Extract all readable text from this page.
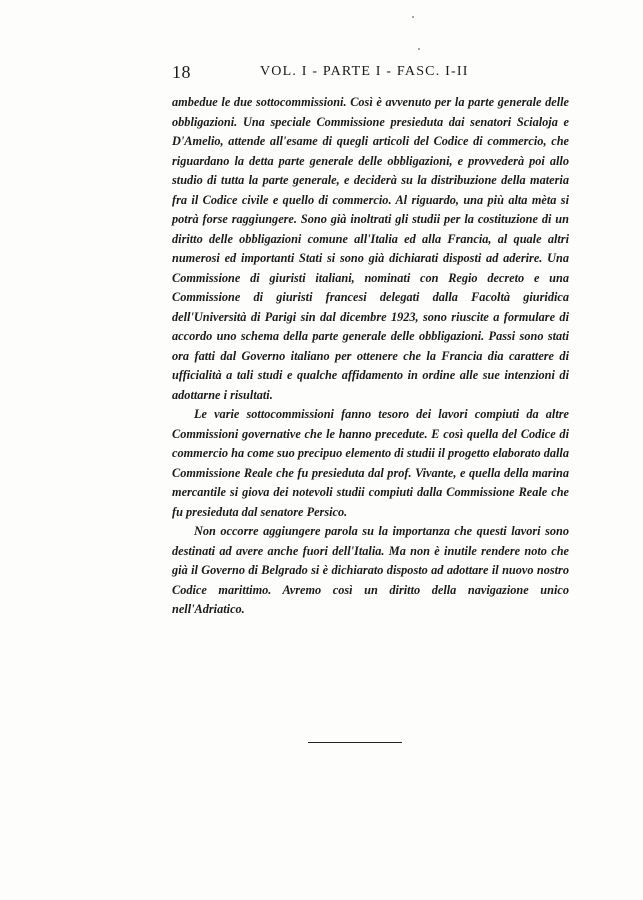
18	VOL. I - PARTE I - FASC. I-II

ambedue le due sottocommissioni. Così è avvenuto per la parte generale delle obbligazioni. Una speciale Commissione presieduta dai senatori Scialoja e D'Amelio, attende all'esame di quegli articoli del Codice di commercio, che riguardano la detta parte generale delle obbligazioni, e provvederà poi allo studio di tutta la parte generale, e deciderà su la distribuzione della materia fra il Codice civile e quello di commercio. Al riguardo, una più alta mèta si potrà forse raggiungere. Sono già inoltrati gli studii per la costituzione di un diritto delle obbligazioni comune all'Italia ed alla Francia, al quale altri numerosi ed importanti Stati si sono già dichiarati disposti ad aderire. Una Commissione di giuristi italiani, nominati con Regio decreto e una Commissione di giuristi francesi delegati dalla Facoltà giuridica dell'Università di Parigi sin dal dicembre 1923, sono riuscite a formulare di accordo uno schema della parte generale delle obbligazioni. Passi sono stati ora fatti dal Governo italiano per ottenere che la Francia dia carattere di ufficialità a tali studi e qualche affidamento in ordine alle sue intenzioni di adottarne i risultati.

Le varie sottocommissioni fanno tesoro dei lavori compiuti da altre Commissioni governative che le hanno precedute. E così quella del Codice di commercio ha come suo precipuo elemento di studii il progetto elaborato dalla Commissione Reale che fu presieduta dal prof. Vivante, e quella della marina mercantile si giova dei notevoli studii compiuti dalla Commissione Reale che fu presieduta dal senatore Persico.

Non occorre aggiungere parola su la importanza che questi lavori sono destinati ad avere anche fuori dell'Italia. Ma non è inutile rendere noto che già il Governo di Belgrado si è dichiarato disposto ad adottare il nuovo nostro Codice marittimo. Avremo così un diritto della navigazione unico nell'Adriatico.
